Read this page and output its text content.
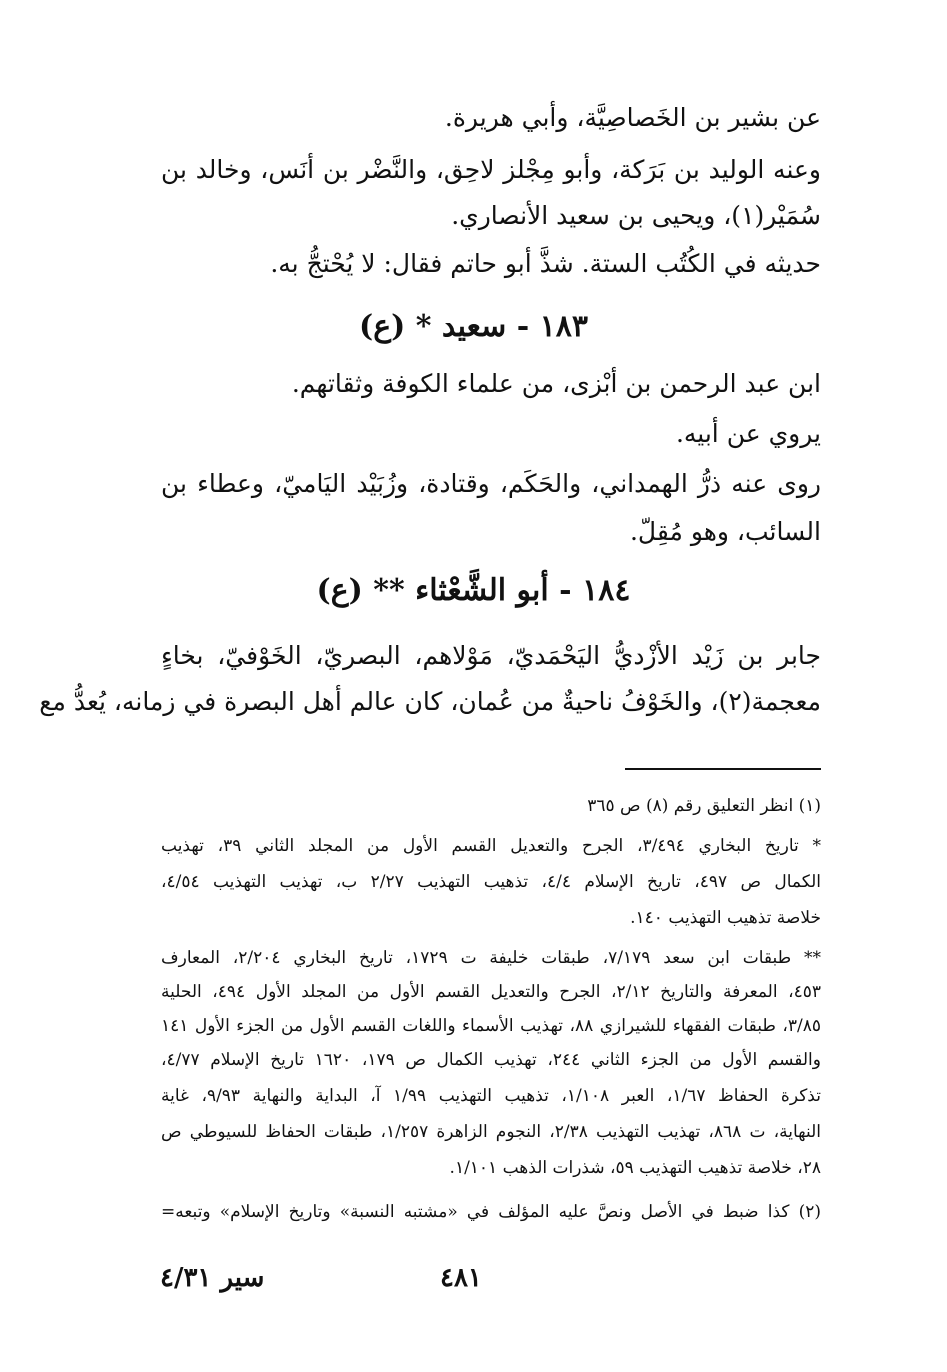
عن بشير بن الخَصاصِيَّة، وأبي هريرة.
وعنه الوليد بن بَرَكة، وأبو مِجْلز لاحِق، والنَّضْر بن أنَس، وخالد بن
سُمَيْر(١)، ويحيى بن سعيد الأنصاري.
حديثه في الكُتُب الستة. شذَّ أبو حاتم فقال: لا يُحْتجُّ به.
١٨٣ - سعيد * (ع)
ابن عبد الرحمن بن أبْزى، من علماء الكوفة وثقاتهم.
يروي عن أبيه.
روى عنه ذرُّ الهمداني، والحَكَم، وقتادة، وزُبَيْد اليَاميّ، وعطاء بن
السائب، وهو مُقِلّ.
١٨٤ - أبو الشَّعْثاء ** (ع)
جابر بن زَيْد الأزْديُّ اليَحْمَديّ، مَوْلاهم، البصريّ، الخَوْفيّ، بخاءٍ
معجمة(٢)، والخَوْفُ ناحيةٌ من عُمان، كان عالم أهل البصرة في زمانه، يُعدُّ مع
(١) انظر التعليق رقم (٨) ص ٣٦٥
* تاريخ البخاري ٣/٤٩٤، الجرح والتعديل القسم الأول من المجلد الثاني ٣٩، تهذيب
الكمال ص ٤٩٧، تاريخ الإسلام ٤/٤، تذهيب التهذيب ٢/٢٧ ب، تهذيب التهذيب ٤/٥٤،
خلاصة تذهيب التهذيب ١٤٠.
** طبقات ابن سعد ٧/١٧٩، طبقات خليفة ت ١٧٢٩، تاريخ البخاري ٢/٢٠٤، المعارف
٤٥٣، المعرفة والتاريخ ٢/١٢، الجرح والتعديل القسم الأول من المجلد الأول ٤٩٤، الحلية
٣/٨٥، طبقات الفقهاء للشيرازي ٨٨، تهذيب الأسماء واللغات القسم الأول من الجزء الأول ١٤١
والقسم الأول من الجزء الثاني ٢٤٤، تهذيب الكمال ص ١٧٩، ١٦٢٠ تاريخ الإسلام ٤/٧٧،
تذكرة الحفاظ ١/٦٧، العبر ١/١٠٨، تذهيب التهذيب ١/٩٩ آ، البداية والنهاية ٩/٩٣، غاية
النهاية، ت ٨٦٨، تهذيب التهذيب ٢/٣٨، النجوم الزاهرة ١/٢٥٧، طبقات الحفاظ للسيوطي ص
٢٨، خلاصة تذهيب التهذيب ٥٩، شذرات الذهب ١/١٠١.
(٢) كذا ضبط في الأصل ونصَّ عليه المؤلف في «مشتبه النسبة» وتاريخ الإسلام» وتبعه=
٤٨١
سير ٤/٣١
